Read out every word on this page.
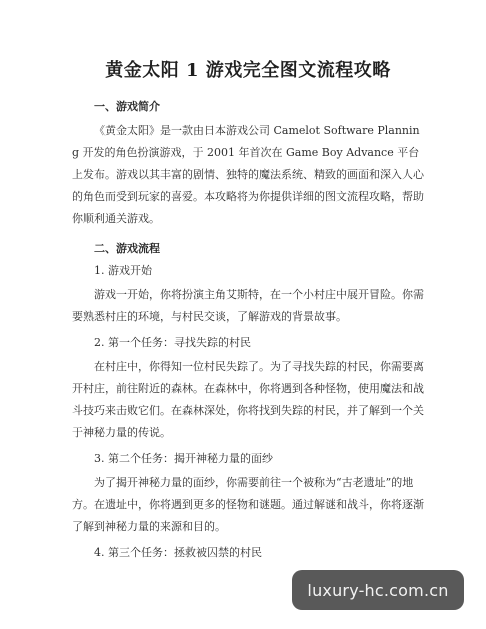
黄金太阳 1 游戏完全图文流程攻略
一、游戏简介

《黄金太阳》是一款由日本游戏公司 Camelot Software Planning 开发的角色扮演游戏，于 2001 年首次在 Game Boy Advance 平台上发布。游戏以其丰富的剧情、独特的魔法系统、精致的画面和深入人心的角色而受到玩家的喜爱。本攻略将为你提供详细的图文流程攻略，帮助你顺利通关游戏。

二、游戏流程
1. 游戏开始

游戏一开始，你将扮演主角艾斯特，在一个小村庄中展开冒险。你需要熟悉村庄的环境，与村民交谈，了解游戏的背景故事。

2. 第一个任务：寻找失踪的村民

在村庄中，你得知一位村民失踪了。为了寻找失踪的村民，你需要离开村庄，前往附近的森林。在森林中，你将遇到各种怪物，使用魔法和战斗技巧来击败它们。在森林深处，你将找到失踪的村民，并了解到一个关于神秘力量的传说。

3. 第二个任务：揭开神秘力量的面纱

为了揭开神秘力量的面纱，你需要前往一个被称为“古老遗址”的地方。在遗址中，你将遇到更多的怪物和谜题。通过解谜和战斗，你将逐渐了解到神秘力量的来源和目的。

4. 第三个任务：拯救被囚禁的村民
luxury-hc.com.cn
